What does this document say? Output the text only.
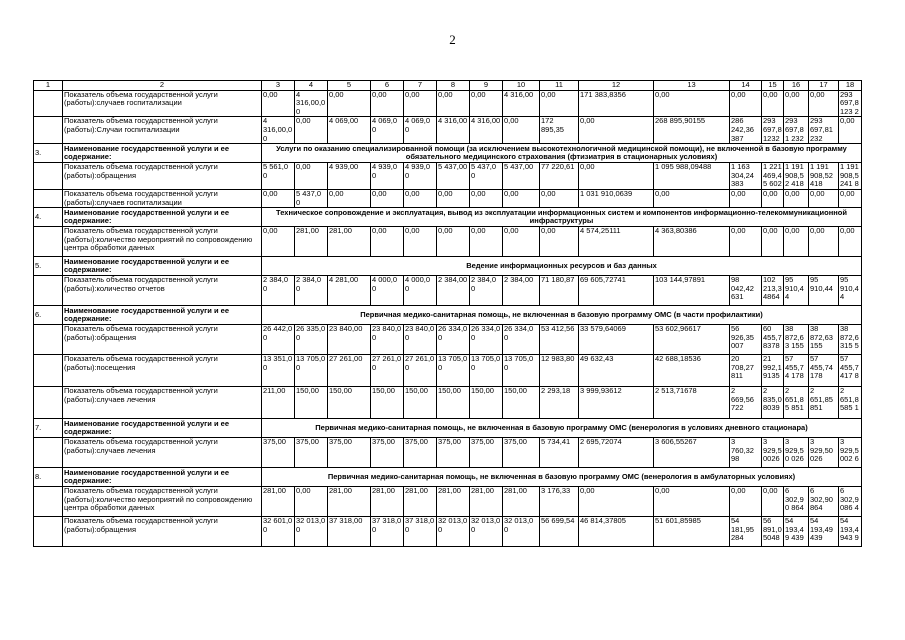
2
1	2	3	4	5	6	7	8	9	10	11	12	13	14	15	16	17	18
	Показатель объема государственной услуги (работы):случаев госпитализации	0,00	4 316,00,00	0,00	0,00	0,00	0,00	0,00	4 316,00	0,00	171 383,8356	0,00	0,00	0,00	0,00	0,00	293 697,8123 2
	Показатель объема государственной услуги (работы):Случаи госпитализации	4 316,00,00	0,00	4 069,00	4 069,0 0	4 069,0 0	4 316,00	4 316,00	0,00	172 895,35	0,00	268 895,90155	286 242,36 387	293 697,8 1232	293 697,81 232	293 697,81 232	0,00
3.	Наименование государственной услуги и ее содержание:	Услуги по оказанию специализированной помощи (за исключением высокотехнологичной медицинской помощи), не включенной в базовую программу обязательного медицинского страхования (фтизиатрия в стационарных условиях)															
	Показатель объема государственной услуги (работы):обращения	5 561,0 0	0,00	4 939,00	4 939,0 0	4 939,0 0	5 437,00	5 437,0 0	5 437,00	77 220,61	0,00	1 095 988,09488	1 163 304,24 383	1 221 469,45 602	1 191 908,52 418	1 191 908,52 418	1 191 908,5241 8
	Показатель объема государственной услуги (работы):случаев госпитализации	0,00	5 437,0 0	0,00	0,00	0,00	0,00	0,00	0,00	0,00	1 031 910,0639	0,00	0,00	0,00	0,00	0,00	0,00
4.	Наименование государственной услуги и ее содержание:	Техническое сопровождение и эксплуатация, вывод из эксплуатации информационных систем и компонентов информационно-телекоммуникационной инфраструктуры															
	Показатель объема государственной услуги (работы):количество мероприятий по сопровождению центра обработки данных	0,00	281,00	281,00	0,00	0,00	0,00	0,00	0,00	0,00	4 574,25111	4 363,80386	0,00	0,00	0,00	0,00	0,00
5.	Наименование государственной услуги и ее содержание:	Ведение информационных ресурсов и баз данных															
	Показатель объема государственной услуги (работы):количество отчетов	2 384,0 0	2 384,0 0	4 281,00	4 000,0 0	4 000,0 0	2 384,00	2 384,0 0	2 384,00	71 180,87	69 605,72741	103 144,97891	98 042,42 631	102 213,3 4864	95 910,44	95 910,44	95 910,44
6.	Наименование государственной услуги и ее содержание:	Первичная медико-санитарная помощь, не включенная в базовую программу ОМС (в части профилактики)															
	Показатель объема государственной услуги (работы):обращения	26 442,0 0	26 335,0 0	23 840,00	23 840,0 0	23 840,0 0	26 334,0 0	26 334,0 0	26 334,0 0	53 412,56	33 579,64069	53 602,96617	56 926,35 007	60 455,7 8378	38 872,63 155	38 872,63 155	38 872,6315 5
	Показатель объема государственной услуги (работы):посещения	13 351,0 0	13 705,0 0	27 261,00	27 261,0 0	27 261,0 0	13 705,0 0	13 705,0 0	13 705,0 0	12 983,80	49 632,43	42 688,18536	20 708,27 811	21 992,1 9135	57 455,74 178	57 455,74 178	57 455,7417 8
	Показатель объема государственной услуги (работы):случаев лечения	211,00	150,00	150,00	150,00	150,00	150,00	150,00	150,00	2 293,18	3 999,93612	2 513,71678	2 669,56 722	2 835,0 8039	2 651,85 851	2 651,85 851	2 651,8585 1
7.	Наименование государственной услуги и ее содержание:	Первичная медико-санитарная помощь, не включенная в базовую программу ОМС (венерология в условиях дневного стационара)															
	Показатель объема государственной услуги (работы):случаев лечения	375,00	375,00	375,00	375,00	375,00	375,00	375,00	375,00	5 734,41	2 695,72074	3 606,55267	3 760,32 98	3 929,5 0026	3 929,50 026	3 929,50 026	3 929,5002 6
8.	Наименование государственной услуги и ее содержание:	Первичная медико-санитарная помощь, не включенная в базовую программу ОМС (венерология в амбулаторных условиях)															
	Показатель объема государственной услуги (работы):количество мероприятий по сопровождению центра обработки данных	281,00	0,00	281,00	281,00	281,00	281,00	281,00	281,00	3 176,33	0,00	0,00	0,00	0,00	6 302,90 864	6 302,90 864	6 302,9086 4
	Показатель объема государственной услуги (работы):обращения	32 601,0 0	32 013,0 0	37 318,00	37 318,0 0	37 318,0 0	32 013,0 0	32 013,0 0	32 013,0 0	56 699,54	46 814,37805	51 601,85985	54 181,95 284	56 891,0 5048	54 193,49 439	54 193,49 439	54 193,4943 9
